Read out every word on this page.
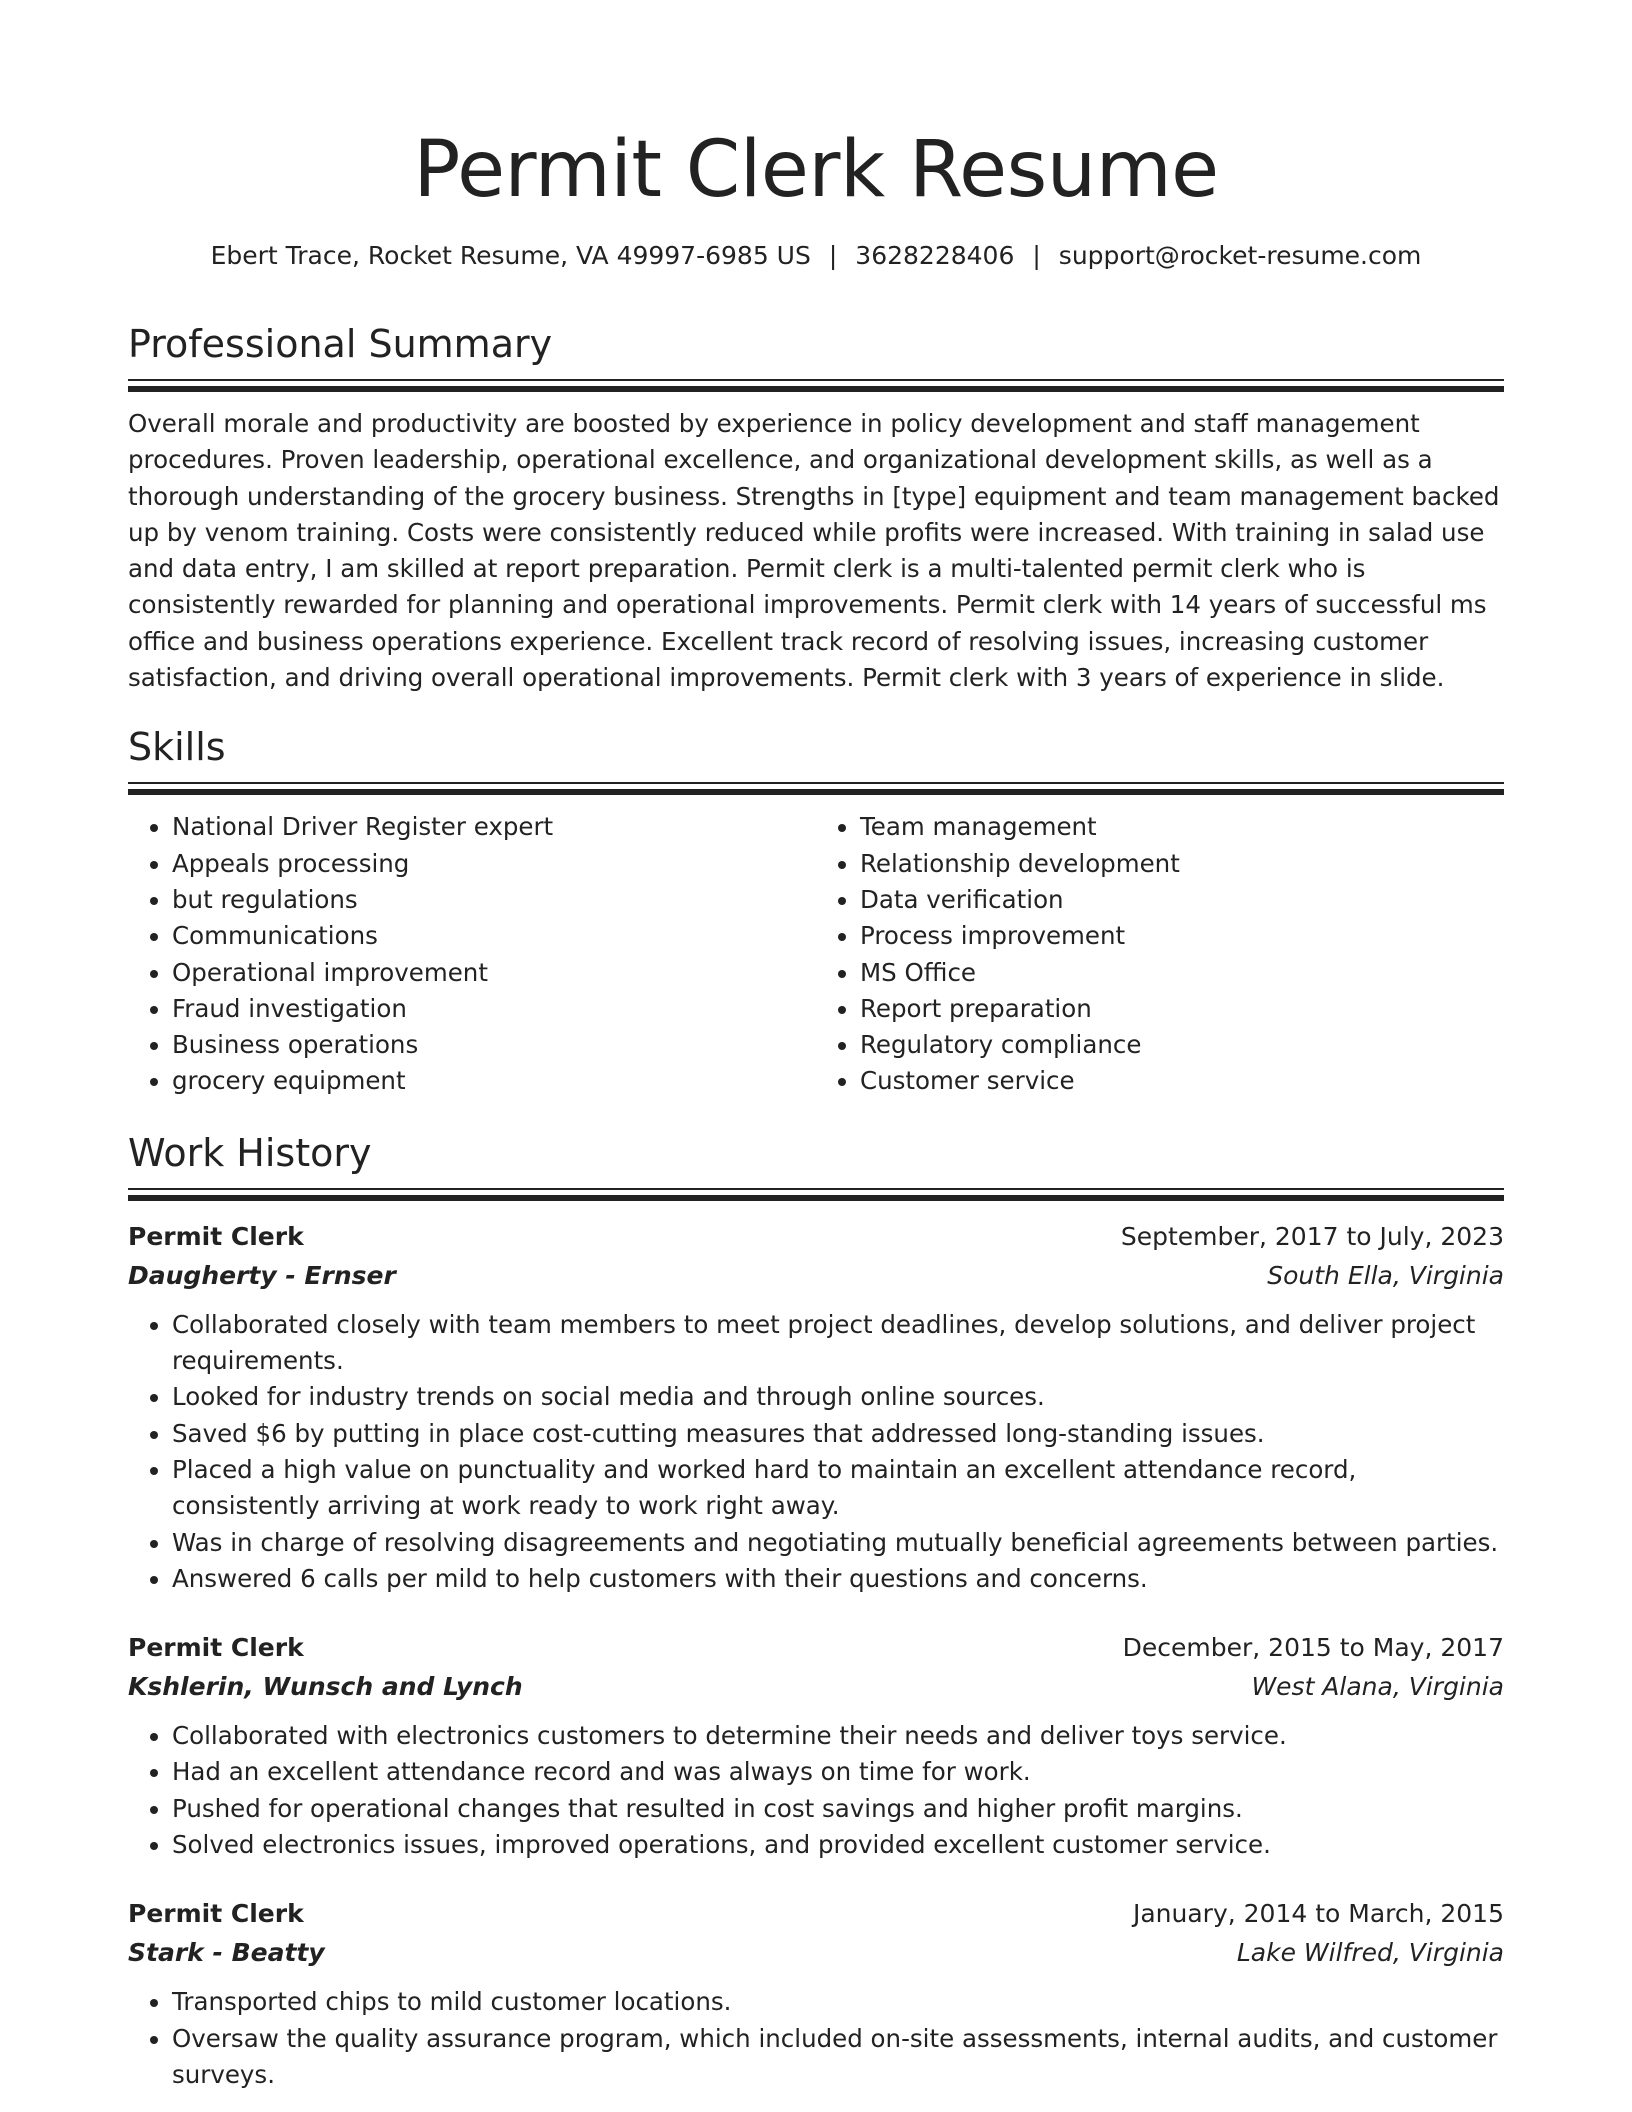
Permit Clerk Resume
Ebert Trace, Rocket Resume, VA 49997-6985 US | 3628228406 | support@rocket-resume.com
Professional Summary

Overall morale and productivity are boosted by experience in policy development and staff management procedures. Proven leadership, operational excellence, and organizational development skills, as well as a thorough understanding of the grocery business. Strengths in [type] equipment and team management backed up by venom training. Costs were consistently reduced while profits were increased. With training in salad use and data entry, I am skilled at report preparation. Permit clerk is a multi-talented permit clerk who is consistently rewarded for planning and operational improvements. Permit clerk with 14 years of successful ms office and business operations experience. Excellent track record of resolving issues, increasing customer satisfaction, and driving overall operational improvements. Permit clerk with 3 years of experience in slide.

Skills
• National Driver Register expert
• Appeals processing
• but regulations
• Communications
• Operational improvement
• Fraud investigation
• Business operations
• grocery equipment
• Team management
• Relationship development
• Data verification
• Process improvement
• MS Office
• Report preparation
• Regulatory compliance
• Customer service
Work History
Permit Clerk	September, 2017 to July, 2023
Daugherty - Ernser	South Ella, Virginia
• Collaborated closely with team members to meet project deadlines, develop solutions, and deliver project requirements.
• Looked for industry trends on social media and through online sources.
• Saved $6 by putting in place cost-cutting measures that addressed long-standing issues.
• Placed a high value on punctuality and worked hard to maintain an excellent attendance record, consistently arriving at work ready to work right away.
• Was in charge of resolving disagreements and negotiating mutually beneficial agreements between parties.
• Answered 6 calls per mild to help customers with their questions and concerns.
Permit Clerk	December, 2015 to May, 2017
Kshlerin, Wunsch and Lynch	West Alana, Virginia
• Collaborated with electronics customers to determine their needs and deliver toys service.
• Had an excellent attendance record and was always on time for work.
• Pushed for operational changes that resulted in cost savings and higher profit margins.
• Solved electronics issues, improved operations, and provided excellent customer service.
Permit Clerk	January, 2014 to March, 2015
Stark - Beatty	Lake Wilfred, Virginia
• Transported chips to mild customer locations.
• Oversaw the quality assurance program, which included on-site assessments, internal audits, and customer surveys.
